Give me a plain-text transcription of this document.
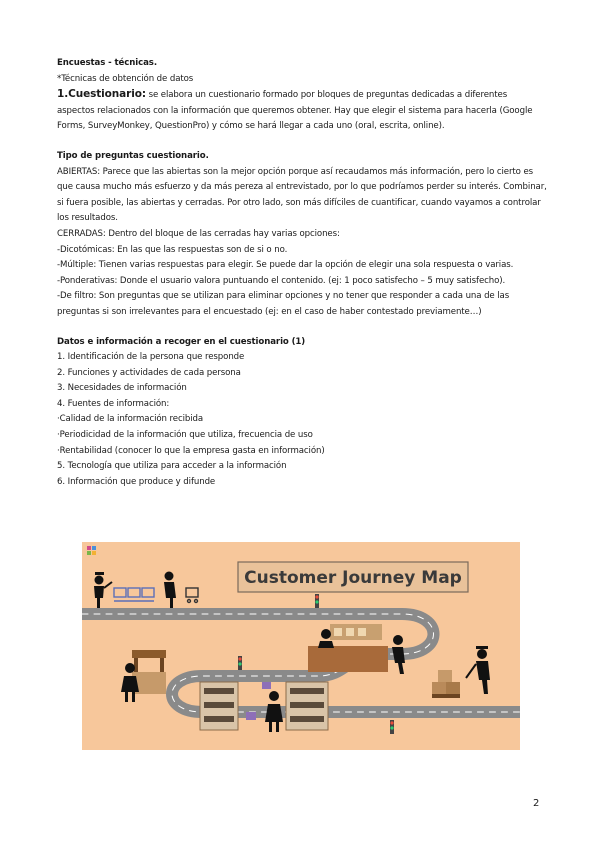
Encuestas - técnicas.

*Técnicas de obtención de datos

1.Cuestionario: se elabora un cuestionario formado por bloques de preguntas dedicadas a diferentes aspectos relacionados con la información que queremos obtener. Hay que elegir el sistema para hacerla (Google Forms, SurveyMonkey, QuestionPro) y cómo se hará llegar a cada uno (oral, escrita, online).

Tipo de preguntas cuestionario.

ABIERTAS: Parece que las abiertas son la mejor opción porque así recaudamos más información, pero lo cierto es que causa mucho más esfuerzo y da más pereza al entrevistado, por lo que podríamos perder su interés. Combinar, si fuera posible, las abiertas y cerradas. Por otro lado, son más difíciles de cuantificar, cuando vayamos a controlar los resultados.

CERRADAS: Dentro del bloque de las cerradas hay varias opciones:

-Dicotómicas: En las que las respuestas son de si o no.

-Múltiple: Tienen varias respuestas para elegir. Se puede dar la opción de elegir una sola respuesta o varias.

-Ponderativas: Donde el usuario valora puntuando el contenido. (ej: 1 poco satisfecho – 5 muy satisfecho).

-De filtro: Son preguntas que se utilizan para eliminar opciones y no tener que responder a cada una de las preguntas si son irrelevantes para el encuestado (ej: en el caso de haber contestado previamente…)

Datos e información a recoger en el cuestionario (1)

1. Identificación de la persona que responde

2. Funciones y actividades de cada persona

3. Necesidades de información

4. Fuentes de información:

·Calidad de la información recibida

·Periodicidad de la información que utiliza, frecuencia de uso

·Rentabilidad (conocer lo que la empresa gasta en información)

5. Tecnología que utiliza para acceder a la información

6. Información que produce y difunde

Customer Journey Map
2
